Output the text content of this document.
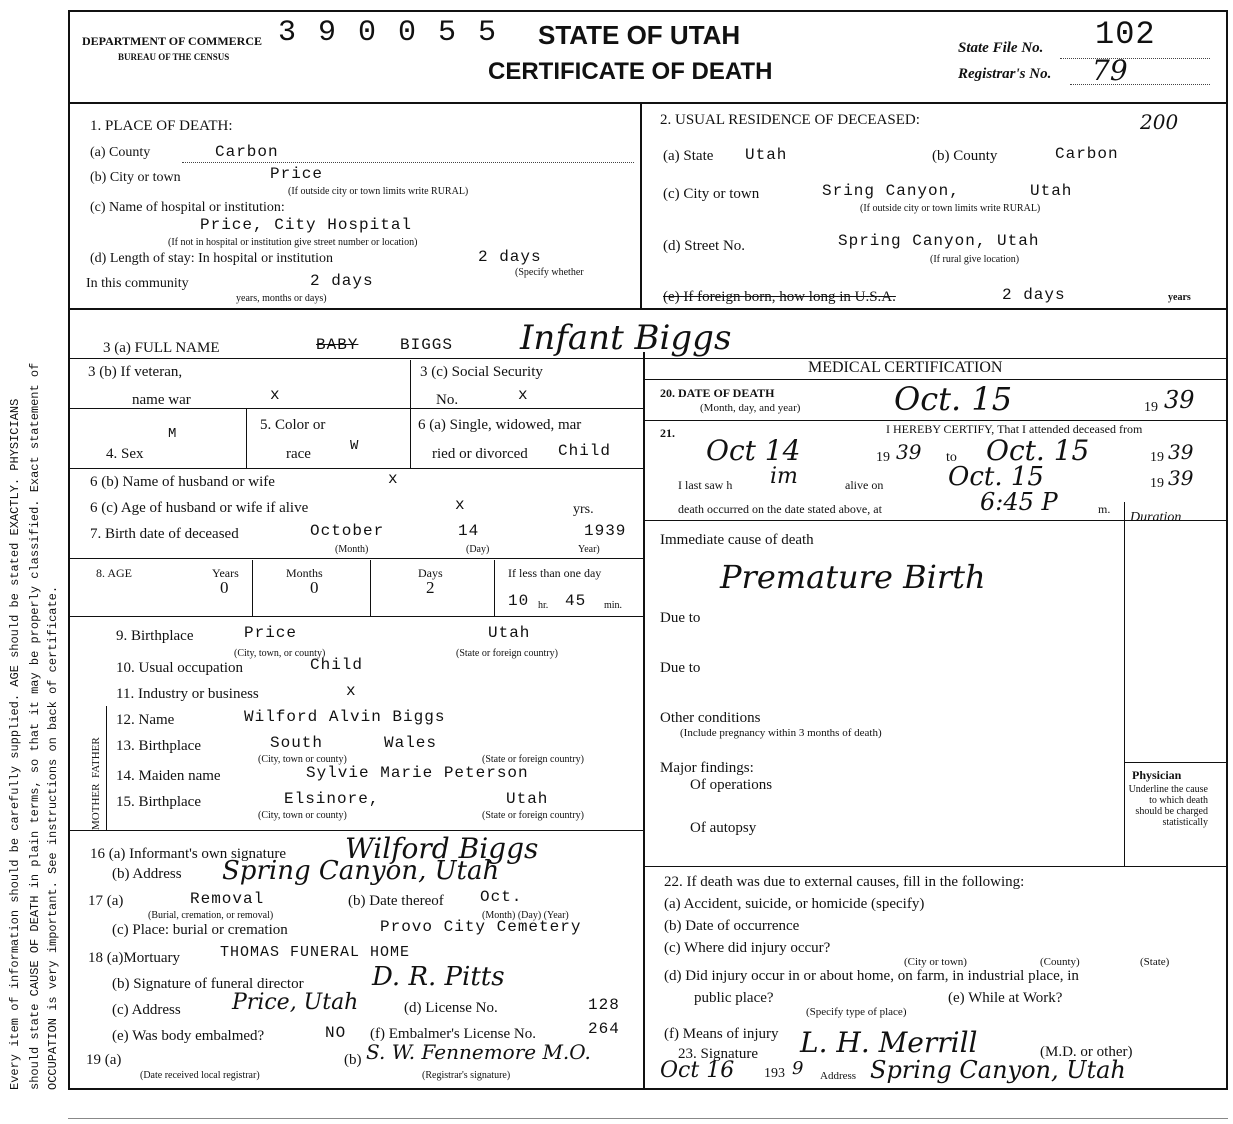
Every item of information should be carefully supplied. AGE should be stated EXACTLY. PHYSICIANS should state CAUSE OF DEATH in plain terms, so that it may be properly classified. Exact statement of OCCUPATION is very important. See instructions on back of certificate.
DEPARTMENT OF COMMERCE
BUREAU OF THE CENSUS
3 9 0 0 5 5 STATE OF UTAH
CERTIFICATE OF DEATH
State File No. 102
Registrar's No. 79
1. PLACE OF DEATH:
(a) County	Carbon
(b) City or town	Price
(If outside city or town limits write RURAL)
(c) Name of hospital or institution:
Price, City Hospital
(If not in hospital or institution give street number or location)
(d) Length of stay: In hospital or institution	2 days
(Specify whether
In this community	2 days
years, months or days)
2. USUAL RESIDENCE OF DECEASED:	200
(a) State Utah	(b) County	Carbon
(c) City or town	Sring Canyon,	Utah
(If outside city or town limits write RURAL)
(d) Street No.	Spring Canyon, Utah
(If rural give location)
(e) If foreign born, how long in U.S.A.	2 days	years
3 (a) FULL NAME	BABY	BIGGS Infant Biggs
MEDICAL CERTIFICATION
3 (b) If veteran,
name war	x
3 (c) Social Security
No.	x
M
4. Sex
5. Color or
race	W
6 (a) Single, widowed, mar
ried or divorced Child
6 (b) Name of husband or wife	x
6 (c) Age of husband or wife if alive	x	yrs.
7. Birth date of deceased	October	14	1939
(Month)	(Day)	Year)
8. AGE	Years
0
Months
0
Days
2
If less than one day
10 hr. 45 min.
9. Birthplace	Price	Utah
(City, town, or county)	(State or foreign country)
10. Usual occupation	Child
11. Industry or business	x
MOTHER  FATHER
12. Name	Wilford Alvin Biggs
13. Birthplace	South	Wales
(City, town or county)	(State or foreign country)
14. Maiden name	Sylvie Marie Peterson
15. Birthplace	Elsinore,	Utah
(City, town or county)	(State or foreign country)
16 (a) Informant's own signature Wilford Biggs
(b) Address Spring Canyon, Utah
17 (a)	Removal
(Burial, cremation, or removal)
(b) Date thereof Oct.
(Month) (Day) (Year)
(c) Place: burial or cremation	Provo City Cemetery
18 (a)Mortuary	THOMAS FUNERAL HOME
(b) Signature of funeral director	D. R. Pitts
(c) Address Price, Utah	(d) License No.	128
(e) Was body embalmed?	NO (f) Embalmer's License No.	264
19 (a)	(b) S. W. Fennemore M.O.
(Date received local registrar)	(Registrar's signature)
20. DATE OF DEATH
(Month, day, and year)	Oct. 15	19 39
21.	I HEREBY CERTIFY, That I attended deceased from
Oct 14	19 39 to Oct. 15	19 39
I last saw h im	alive on Oct. 15	19 39
death occurred on the date stated above, at	6:45 P	m.
Duration
Immediate cause of death
Premature Birth
Due to
Due to
Other conditions
(Include pregnancy within 3 months of death)
Major findings:
Of operations
Of autopsy
Physician
Underline the cause to which death should be charged statistically
22. If death was due to external causes, fill in the following:
(a) Accident, suicide, or homicide (specify)
(b) Date of occurrence
(c) Where did injury occur?
(City or town)	(County)	(State)
(d) Did injury occur in or about home, on farm, in industrial place, in
public place?	(e) While at Work?
(Specify type of place)
(f) Means of injury
23. Signature L. H. Merrill	(M.D. or other)
Oct 16 193 9 Address Spring Canyon, Utah
